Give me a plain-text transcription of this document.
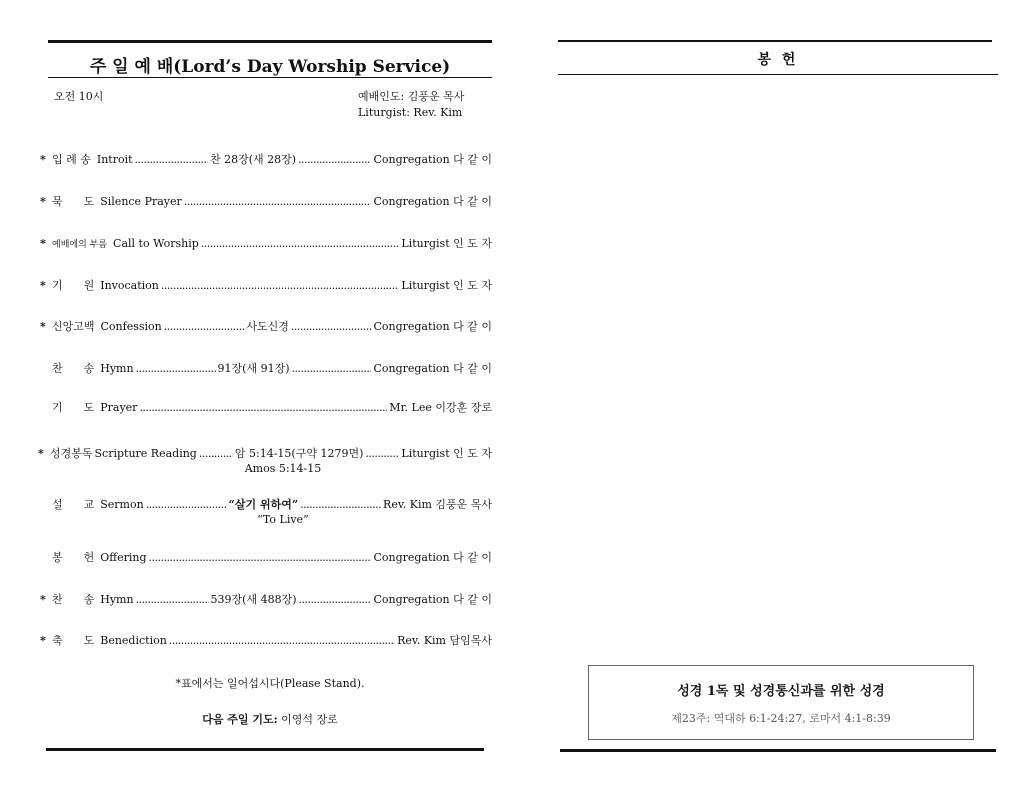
주 일 예 배(Lord’s Day Worship Service)
오전 10시	예배인도: 김풍운 목사
Liturgist: Rev. Kim
* 입 례 송 Introit .....	찬 28장(새 28장) .....	Congregation 다 같 이
* 묵      도 Silence Prayer .....	Congregation 다 같 이
* 예배에의 부름 Call to Worship .....	Liturgist 인 도 자
* 기      원 Invocation .....	Liturgist 인 도 자
* 신앙고백 Confession .....	사도신경 .....	Congregation 다 같 이
찬      송 Hymn .....	91장(새 91장) .....	Congregation 다 같 이
기      도 Prayer .....	Mr. Lee 이강훈 장로
* 성경봉독 Scripture Reading .....	암 5:14-15(구약 1279면) .....	Liturgist 인 도 자
Amos 5:14-15
설      교 Sermon .....	“살기 위하여” .....	Rev. Kim 김풍운 목사
“To Live”
봉      헌 Offering .....	Congregation 다 같 이
* 찬      송 Hymn .....	539장(새 488장) .....	Congregation 다 같 이
* 축      도 Benediction .....	Rev. Kim 담임목사
*표에서는 일어섭시다(Please Stand).
다음 주일 기도: 이영석 장로
봉 헌
성경 1독 및 성경통신과를 위한 성경
제23주: 역대하 6:1-24:27, 로마서 4:1-8:39
